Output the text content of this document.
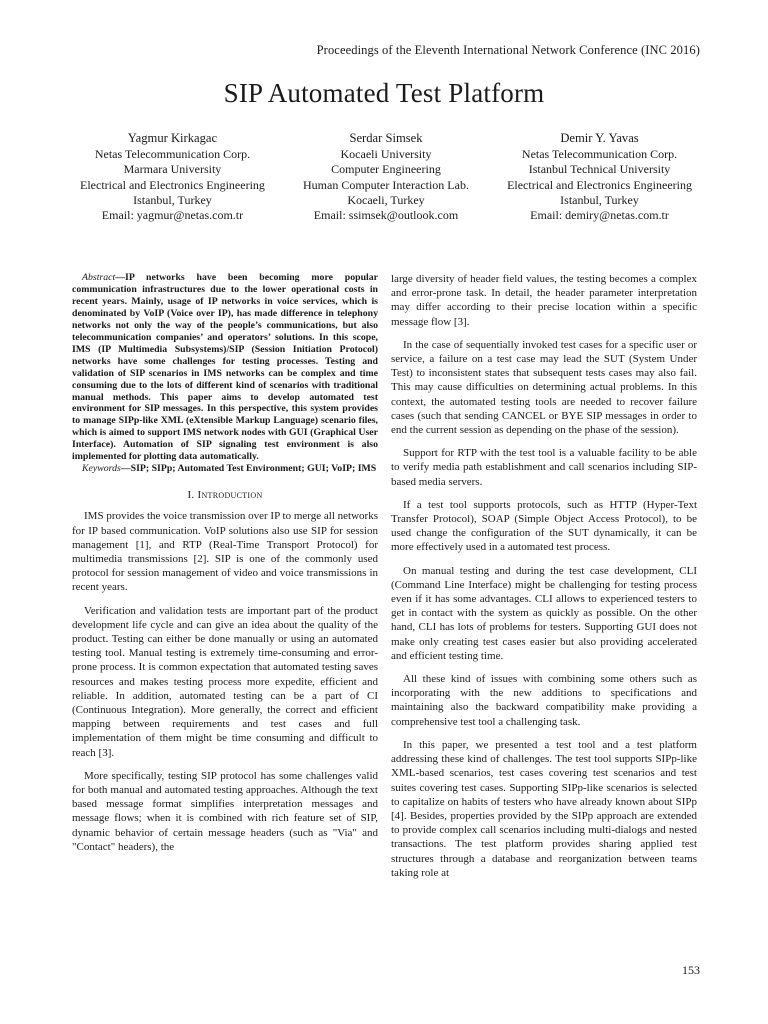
Proceedings of the Eleventh International Network Conference (INC 2016)
SIP Automated Test Platform
Yagmur Kirkagac
Netas Telecommunication Corp.
Marmara University
Electrical and Electronics Engineering
Istanbul, Turkey
Email: yagmur@netas.com.tr
Serdar Simsek
Kocaeli University
Computer Engineering
Human Computer Interaction Lab.
Kocaeli, Turkey
Email: ssimsek@outlook.com
Demir Y. Yavas
Netas Telecommunication Corp.
Istanbul Technical University
Electrical and Electronics Engineering
Istanbul, Turkey
Email: demiry@netas.com.tr

Abstract—IP networks have been becoming more popular communication infrastructures due to the lower operational costs in recent years. Mainly, usage of IP networks in voice services, which is denominated by VoIP (Voice over IP), has made difference in telephony networks not only the way of the people’s communications, but also telecommunication companies’ and operators’ solutions. In this scope, IMS (IP Multimedia Subsystems)/SIP (Session Initiation Protocol) networks have some challenges for testing processes. Testing and validation of SIP scenarios in IMS networks can be complex and time consuming due to the lots of different kind of scenarios with traditional manual methods. This paper aims to develop automated test environment for SIP messages. In this perspective, this system provides to manage SIPp-like XML (eXtensible Markup Language) scenario files, which is aimed to support IMS network nodes with GUI (Graphical User Interface). Automation of SIP signaling test environment is also implemented for plotting data automatically.

Keywords—SIP; SIPp; Automated Test Environment; GUI; VoIP; IMS

I. Introduction

IMS provides the voice transmission over IP to merge all networks for IP based communication. VoIP solutions also use SIP for session management [1], and RTP (Real-Time Transport Protocol) for multimedia transmissions [2]. SIP is one of the commonly used protocol for session management of video and voice transmissions in recent years.

Verification and validation tests are important part of the product development life cycle and can give an idea about the quality of the product. Testing can either be done manually or using an automated testing tool. Manual testing is extremely time-consuming and error-prone process. It is common expectation that automated testing saves resources and makes testing process more expedite, efficient and reliable. In addition, automated testing can be a part of CI (Continuous Integration). More generally, the correct and efficient mapping between requirements and test cases and full implementation of them might be time consuming and difficult to reach [3].

More specifically, testing SIP protocol has some challenges valid for both manual and automated testing approaches. Although the text based message format simplifies interpretation messages and message flows; when it is combined with rich feature set of SIP, dynamic behavior of certain message headers (such as "Via" and "Contact" headers), the

large diversity of header field values, the testing becomes a complex and error-prone task. In detail, the header parameter interpretation may differ according to their precise location within a specific message flow [3].

In the case of sequentially invoked test cases for a specific user or service, a failure on a test case may lead the SUT (System Under Test) to inconsistent states that subsequent tests cases may also fail. This may cause difficulties on determining actual problems. In this context, the automated testing tools are needed to recover failure cases (such that sending CANCEL or BYE SIP messages in order to end the current session as depending on the phase of the session).

Support for RTP with the test tool is a valuable facility to be able to verify media path establishment and call scenarios including SIP-based media servers.

If a test tool supports protocols, such as HTTP (Hyper-Text Transfer Protocol), SOAP (Simple Object Access Protocol), to be used change the configuration of the SUT dynamically, it can be more effectively used in a automated test process.

On manual testing and during the test case development, CLI (Command Line Interface) might be challenging for testing process even if it has some advantages. CLI allows to experienced testers to get in contact with the system as quickly as possible. On the other hand, CLI has lots of problems for testers. Supporting GUI does not make only creating test cases easier but also providing accelerated and efficient testing time.

All these kind of issues with combining some others such as incorporating with the new additions to specifications and maintaining also the backward compatibility make providing a comprehensive test tool a challenging task.

In this paper, we presented a test tool and a test platform addressing these kind of challenges. The test tool supports SIPp-like XML-based scenarios, test cases covering test scenarios and test suites covering test cases. Supporting SIPp-like scenarios is selected to capitalize on habits of testers who have already known about SIPp [4]. Besides, properties provided by the SIPp approach are extended to provide complex call scenarios including multi-dialogs and nested transactions. The test platform provides sharing applied test structures through a database and reorganization between teams taking role at

153
